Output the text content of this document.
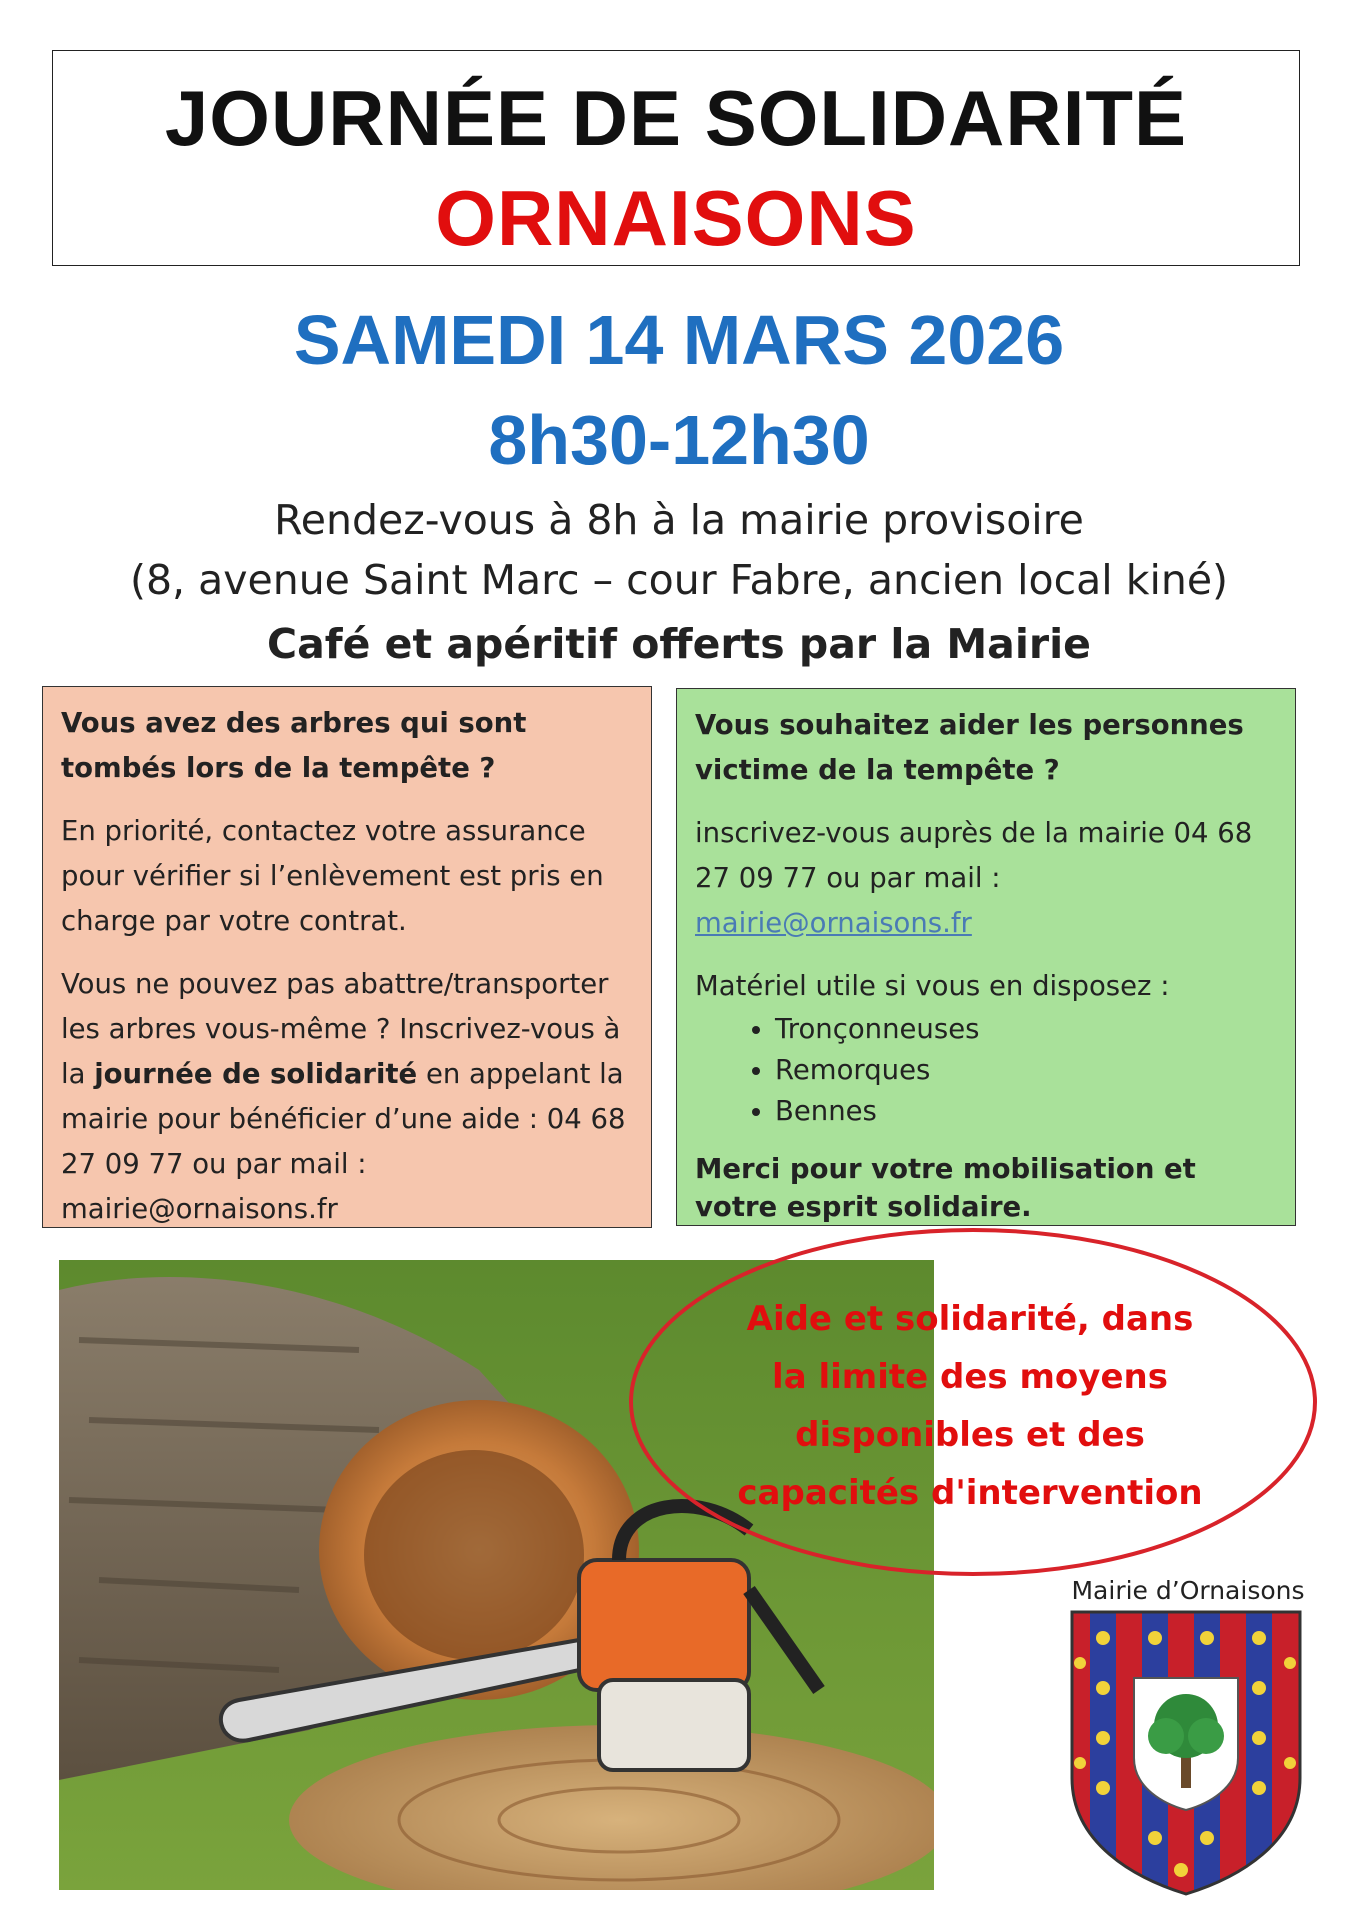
JOURNÉE DE SOLIDARITÉ
ORNAISONS
SAMEDI 14 MARS 2026
8h30-12h30
Rendez-vous à 8h à la mairie provisoire
(8, avenue Saint Marc – cour Fabre, ancien local kiné)
Café et apéritif offerts par la Mairie

Vous avez des arbres qui sont tombés lors de la tempête ?

En priorité, contactez votre assurance pour vérifier si l’enlèvement est pris en charge par votre contrat.

Vous ne pouvez pas abattre/transporter les arbres vous-même ? Inscrivez-vous à la journée de solidarité en appelant la mairie pour bénéficier d’une aide : 04 68 27 09 77 ou par mail : mairie@ornaisons.fr

Vous souhaitez aider les personnes victime de la tempête ?

inscrivez-vous auprès de la mairie 04 68 27 09 77 ou par mail : mairie@ornaisons.fr

Matériel utile si vous en disposez :

• Tronçonneuses
• Remorques
• Bennes

Merci pour votre mobilisation et votre esprit solidaire.

Aide et solidarité, dans
la limite des moyens
disponibles et des
capacités d'intervention
Mairie d’Ornaisons
